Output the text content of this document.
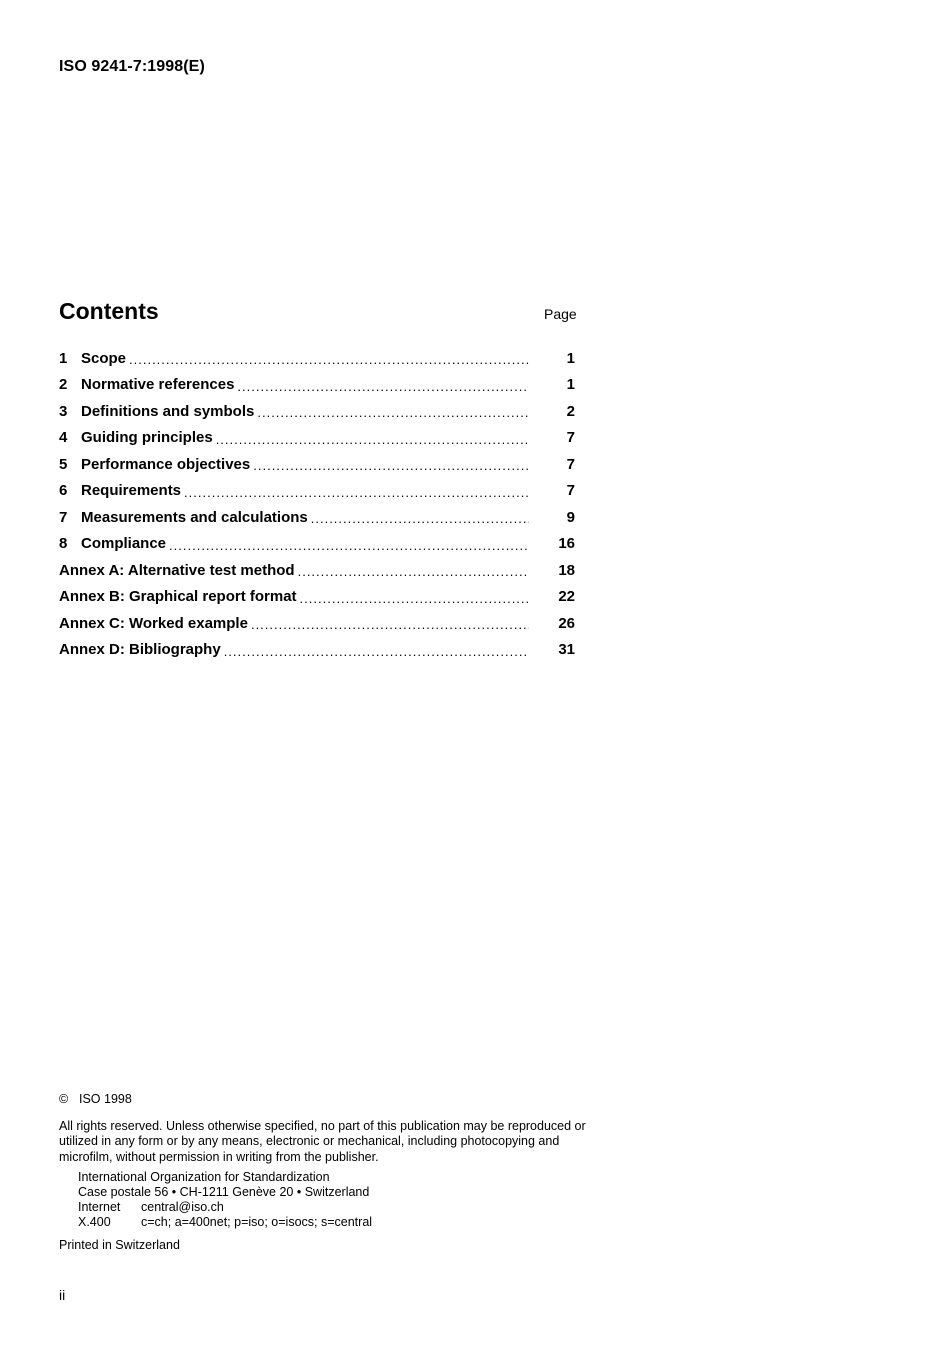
ISO 9241-7:1998(E)
Contents	Page
1 Scope .....	1
2 Normative references .....	1
3 Definitions and symbols .....	2
4 Guiding principles .....	7
5 Performance objectives .....	7
6 Requirements .....	7
7 Measurements and calculations .....	9
8 Compliance .....	16
Annex A: Alternative test method .....	18
Annex B: Graphical report format .....	22
Annex C: Worked example .....	26
Annex D: Bibliography .....	31
© ISO 1998

All rights reserved. Unless otherwise specified, no part of this publication may be reproduced or utilized in any form or by any means, electronic or mechanical, including photocopying and microfilm, without permission in writing from the publisher.

International Organization for Standardization
Case postale 56 • CH-1211 Genève 20 • Switzerland
Internet	central@iso.ch
X.400	c=ch; a=400net; p=iso; o=isocs; s=central
Printed in Switzerland
ii
